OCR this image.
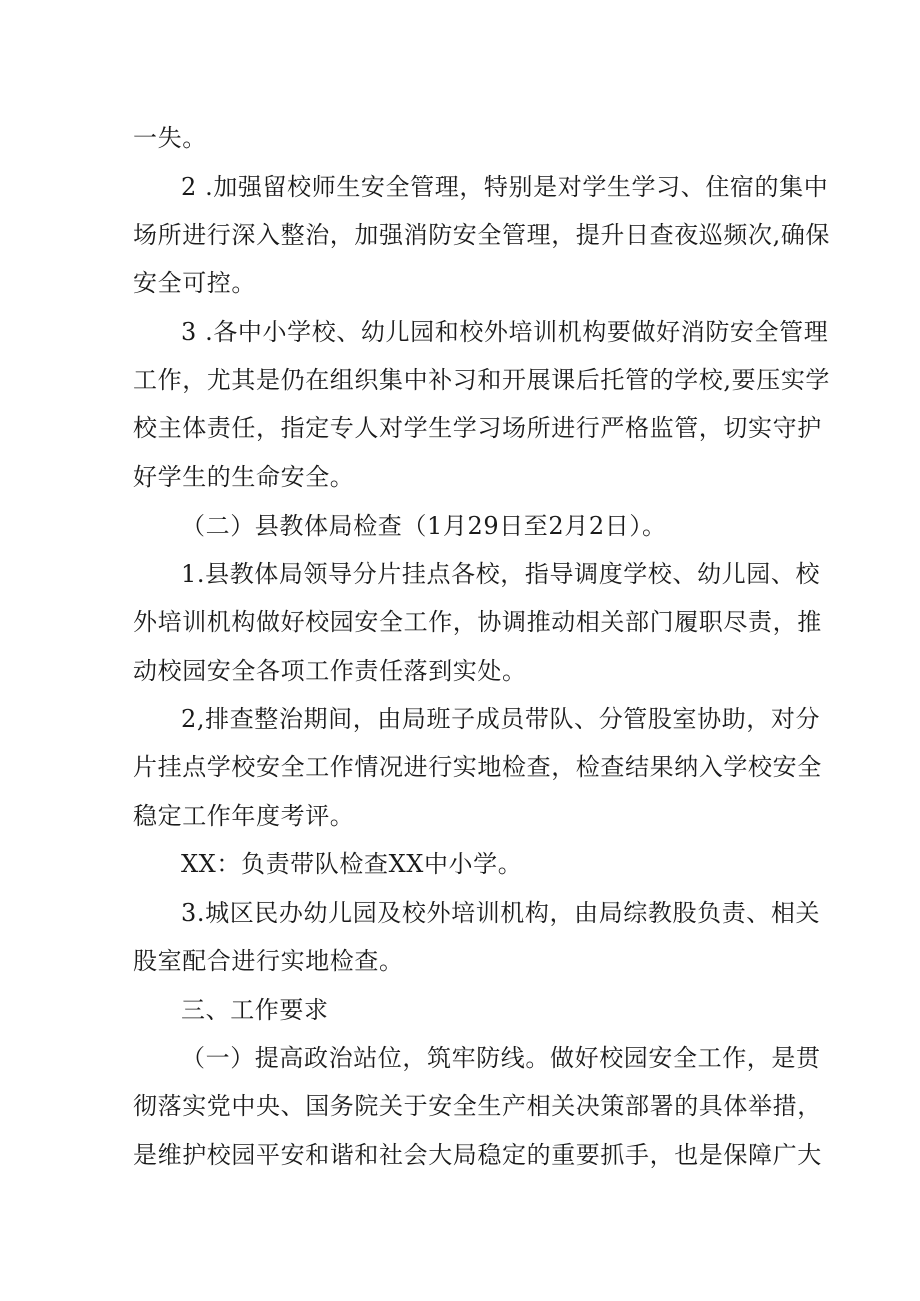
一失。
2 .加强留校师生安全管理，特别是对学生学习、住宿的集中
场所进行深入整治，加强消防安全管理，提升日查夜巡频次,确保
安全可控。
3 .各中小学校、幼儿园和校外培训机构要做好消防安全管理
工作，尤其是仍在组织集中补习和开展课后托管的学校,要压实学
校主体责任，指定专人对学生学习场所进行严格监管，切实守护
好学生的生命安全。
（二）县教体局检查（1月29日至2月2日）。
1.县教体局领导分片挂点各校，指导调度学校、幼儿园、校
外培训机构做好校园安全工作，协调推动相关部门履职尽责，推
动校园安全各项工作责任落到实处。
2,排查整治期间，由局班子成员带队、分管股室协助，对分
片挂点学校安全工作情况进行实地检查，检查结果纳入学校安全
稳定工作年度考评。
XX：负责带队检查XX中小学。
3.城区民办幼儿园及校外培训机构，由局综教股负责、相关
股室配合进行实地检查。
三、工作要求
（一）提高政治站位，筑牢防线。做好校园安全工作，是贯
彻落实党中央、国务院关于安全生产相关决策部署的具体举措，
是维护校园平安和谐和社会大局稳定的重要抓手，也是保障广大
